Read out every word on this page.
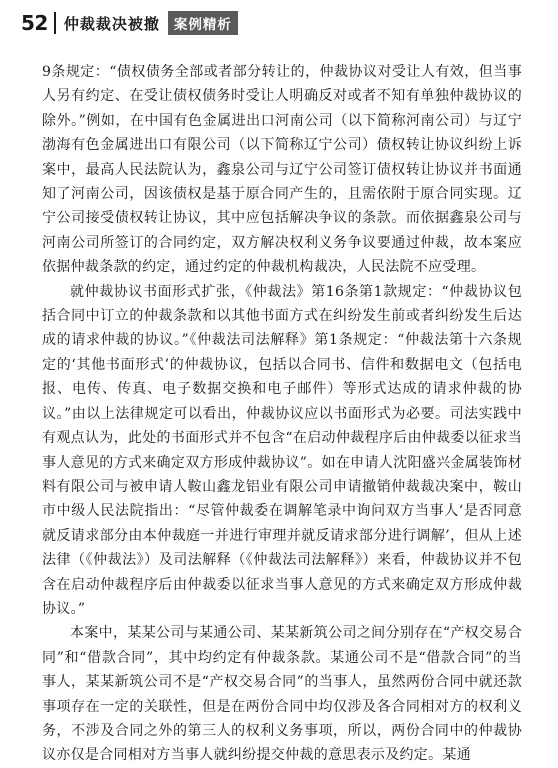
52 仲裁裁决被撤	案例精析

9条规定：“债权债务全部或者部分转让的，仲裁协议对受让人有效，但当事人另有约定、在受让债权债务时受让人明确反对或者不知有单独仲裁协议的除外。”例如，在中国有色金属进出口河南公司（以下简称河南公司）与辽宁渤海有色金属进出口有限公司（以下简称辽宁公司）债权转让协议纠纷上诉案中，最高人民法院认为，鑫泉公司与辽宁公司签订债权转让协议并书面通知了河南公司，因该债权是基于原合同产生的，且需依附于原合同实现。辽宁公司接受债权转让协议，其中应包括解决争议的条款。而依据鑫泉公司与河南公司所签订的合同约定，双方解决权利义务争议要通过仲裁，故本案应依据仲裁条款的约定，通过约定的仲裁机构裁决，人民法院不应受理。

就仲裁协议书面形式扩张，《仲裁法》第16条第1款规定：“仲裁协议包括合同中订立的仲裁条款和以其他书面方式在纠纷发生前或者纠纷发生后达成的请求仲裁的协议。”《仲裁法司法解释》第1条规定：“仲裁法第十六条规定的‘其他书面形式’的仲裁协议，包括以合同书、信件和数据电文（包括电报、电传、传真、电子数据交换和电子邮件）等形式达成的请求仲裁的协议。”由以上法律规定可以看出，仲裁协议应以书面形式为必要。司法实践中有观点认为，此处的书面形式并不包含“在启动仲裁程序后由仲裁委以征求当事人意见的方式来确定双方形成仲裁协议”。如在申请人沈阳盛兴金属装饰材料有限公司与被申请人鞍山鑫龙铝业有限公司申请撤销仲裁裁决案中，鞍山市中级人民法院指出：“尽管仲裁委在调解笔录中询问双方当事人‘是否同意就反请求部分由本仲裁庭一并进行审理并就反请求部分进行调解’，但从上述法律（《仲裁法》）及司法解释（《仲裁法司法解释》）来看，仲裁协议并不包含在启动仲裁程序后由仲裁委以征求当事人意见的方式来确定双方形成仲裁协议。”

本案中，某某公司与某通公司、某某新筑公司之间分别存在“产权交易合同”和“借款合同”，其中均约定有仲裁条款。某通公司不是“借款合同”的当事人，某某新筑公司不是“产权交易合同”的当事人，虽然两份合同中就还款事项存在一定的关联性，但是在两份合同中均仅涉及各合同相对方的权利义务，不涉及合同之外的第三人的权利义务事项，所以，两份合同中的仲裁协议亦仅是合同相对方当事人就纠纷提交仲裁的意思表示及约定。某通
